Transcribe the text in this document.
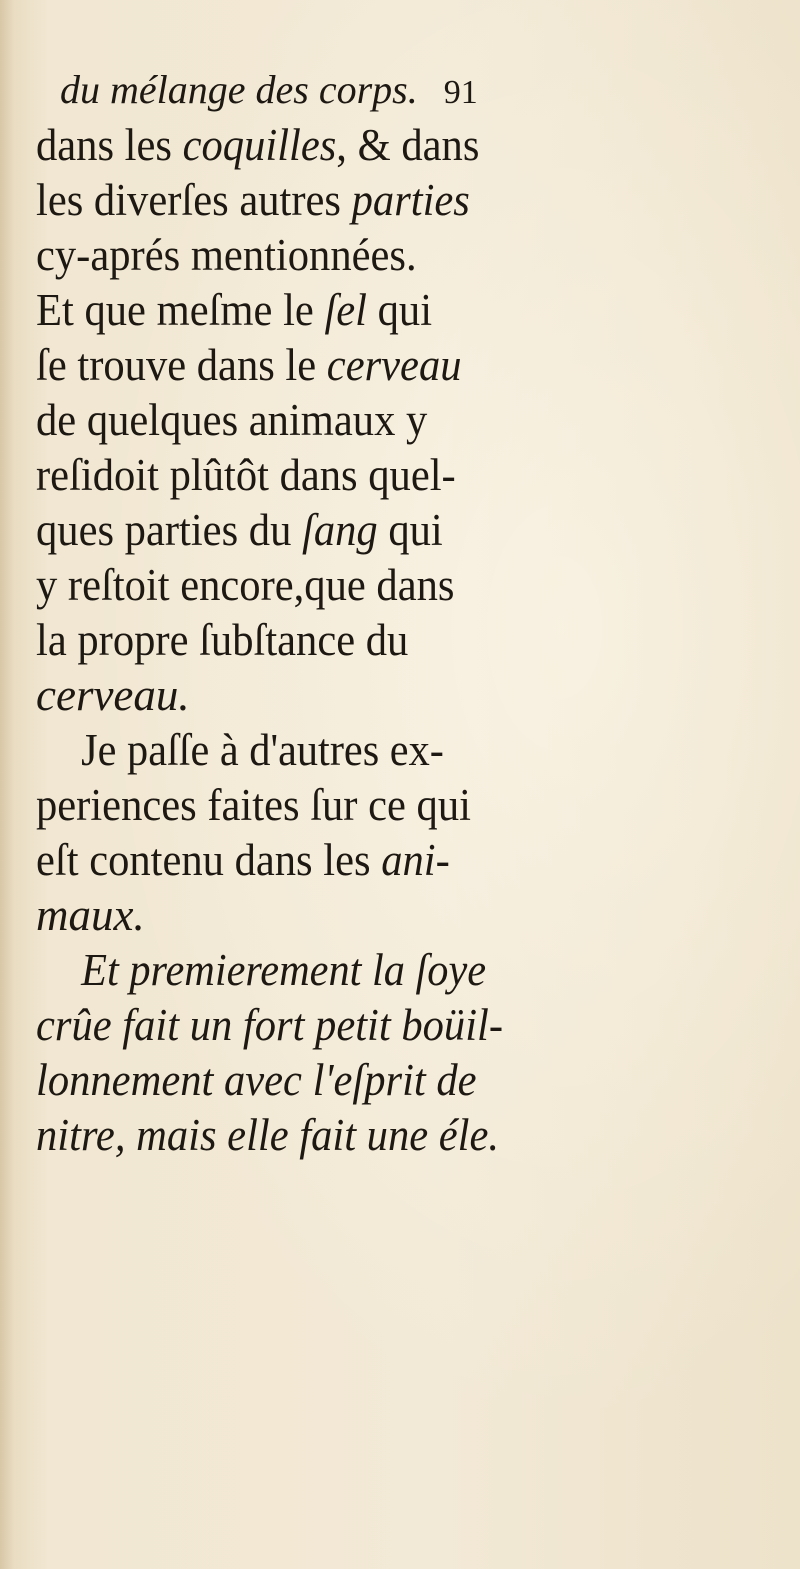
du mélange des corps. 91
dans les coquilles, & dans
les diverſes autres parties
cy-aprés mentionnées.
Et que meſme le ſel qui
ſe trouve dans le cerveau
de quelques animaux y
reſidoit plûtôt dans quel-
ques parties du ſang qui
y reſtoit encore,que dans
la propre ſubſtance du
cerveau.
Je paſſe à d'autres ex-
periences faites ſur ce qui
eſt contenu dans les ani-
maux.
Et premierement la ſoye
crûe fait un fort petit boüil-
lonnement avec l'eſprit de
nitre, mais elle fait une éle.
